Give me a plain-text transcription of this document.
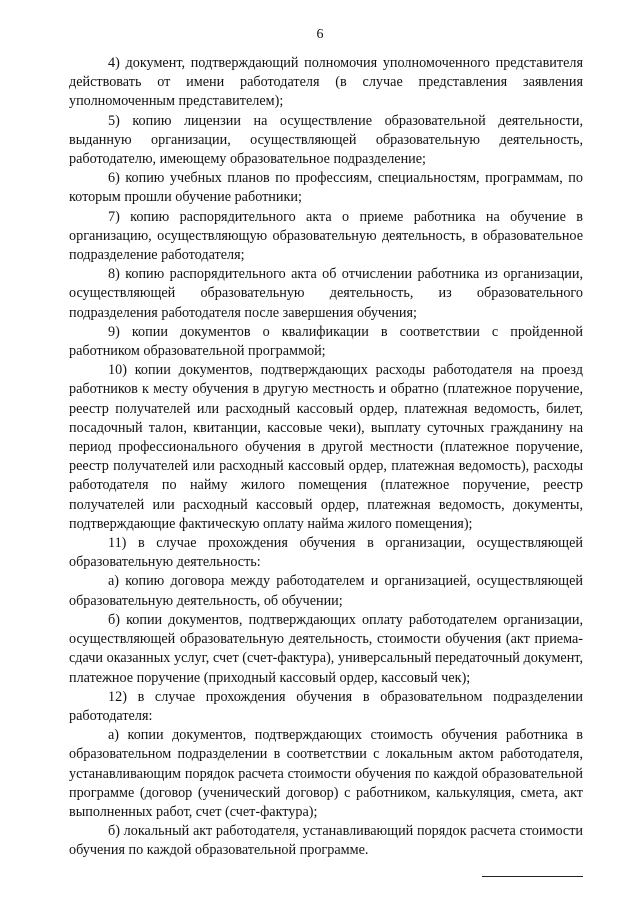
6

4) документ, подтверждающий полномочия уполномоченного представителя действовать от имени работодателя (в случае представления заявления уполномоченным представителем);

5) копию лицензии на осуществление образовательной деятельности, выданную организации, осуществляющей образовательную деятельность, работодателю, имеющему образовательное подразделение;

6) копию учебных планов по профессиям, специальностям, программам, по которым прошли обучение работники;

7) копию распорядительного акта о приеме работника на обучение в организацию, осуществляющую образовательную деятельность, в образовательное подразделение работодателя;

8) копию распорядительного акта об отчислении работника из организации, осуществляющей образовательную деятельность, из образовательного подразделения работодателя после завершения обучения;

9) копии документов о квалификации в соответствии с пройденной работником образовательной программой;

10) копии документов, подтверждающих расходы работодателя на проезд работников к месту обучения в другую местность и обратно (платежное поручение, реестр получателей или расходный кассовый ордер, платежная ведомость, билет, посадочный талон, квитанции, кассовые чеки), выплату суточных гражданину на период профессионального обучения в другой местности (платежное поручение, реестр получателей или расходный кассовый ордер, платежная ведомость), расходы работодателя по найму жилого помещения (платежное поручение, реестр получателей или расходный кассовый ордер, платежная ведомость, документы, подтверждающие фактическую оплату найма жилого помещения);

11) в случае прохождения обучения в организации, осуществляющей образовательную деятельность:

а) копию договора между работодателем и организацией, осуществляющей образовательную деятельность, об обучении;

б) копии документов, подтверждающих оплату работодателем организации, осуществляющей образовательную деятельность, стоимости обучения (акт приема-сдачи оказанных услуг, счет (счет-фактура), универсальный передаточный документ, платежное поручение (приходный кассовый ордер, кассовый чек);

12) в случае прохождения обучения в образовательном подразделении работодателя:

а) копии документов, подтверждающих стоимость обучения работника в образовательном подразделении в соответствии с локальным актом работодателя, устанавливающим порядок расчета стоимости обучения по каждой образовательной программе (договор (ученический договор) с работником, калькуляция, смета, акт выполненных работ, счет (счет-фактура);

б) локальный акт работодателя, устанавливающий порядок расчета стоимости обучения по каждой образовательной программе.
